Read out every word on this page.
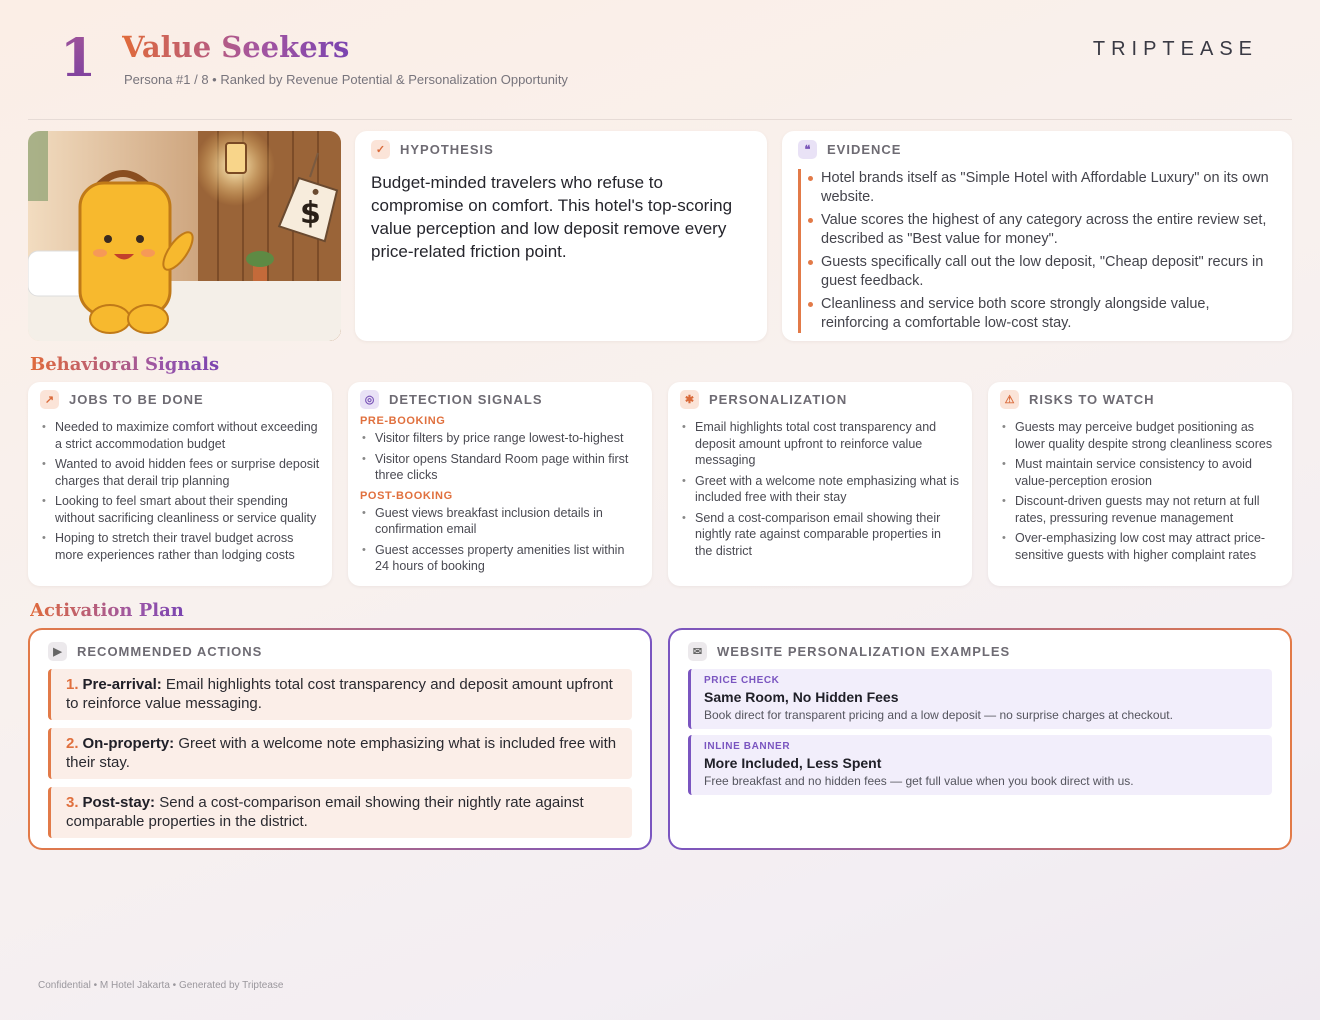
1 Value Seekers
Persona #1 / 8 • Ranked by Revenue Potential & Personalization Opportunity
TRIPTEASE
$
✓	HYPOTHESIS
Budget-minded travelers who refuse to compromise on comfort. This hotel's top-scoring value perception and low deposit remove every price-related friction point.
❝	EVIDENCE
Hotel brands itself as "Simple Hotel with Affordable Luxury" on its own website.
Value scores the highest of any category across the entire review set, described as "Best value for money".
Guests specifically call out the low deposit, "Cheap deposit" recurs in guest feedback.
Cleanliness and service both score strongly alongside value, reinforcing a comfortable low-cost stay.
Behavioral Signals
↗	JOBS TO BE DONE
• Needed to maximize comfort without exceeding a strict accommodation budget
• Wanted to avoid hidden fees or surprise deposit charges that derail trip planning
• Looking to feel smart about their spending without sacrificing cleanliness or service quality
• Hoping to stretch their travel budget across more experiences rather than lodging costs
◎	DETECTION SIGNALS
PRE-BOOKING
• Visitor filters by price range lowest-to-highest
• Visitor opens Standard Room page within first three clicks
POST-BOOKING
• Guest views breakfast inclusion details in confirmation email
• Guest accesses property amenities list within 24 hours of booking
✱	PERSONALIZATION
• Email highlights total cost transparency and deposit amount upfront to reinforce value messaging
• Greet with a welcome note emphasizing what is included free with their stay
• Send a cost-comparison email showing their nightly rate against comparable properties in the district
⚠	RISKS TO WATCH
• Guests may perceive budget positioning as lower quality despite strong cleanliness scores
• Must maintain service consistency to avoid value-perception erosion
• Discount-driven guests may not return at full rates, pressuring revenue management
• Over-emphasizing low cost may attract price-sensitive guests with higher complaint rates
Activation Plan
▶	RECOMMENDED ACTIONS
1. Pre-arrival: Email highlights total cost transparency and deposit amount upfront to reinforce value messaging.
2. On-property: Greet with a welcome note emphasizing what is included free with their stay.
3. Post-stay: Send a cost-comparison email showing their nightly rate against comparable properties in the district.
✉	WEBSITE PERSONALIZATION EXAMPLES
PRICE CHECK
Same Room, No Hidden Fees
Book direct for transparent pricing and a low deposit — no surprise charges at checkout.
INLINE BANNER
More Included, Less Spent
Free breakfast and no hidden fees — get full value when you book direct with us.
Confidential • M Hotel Jakarta • Generated by Triptease
